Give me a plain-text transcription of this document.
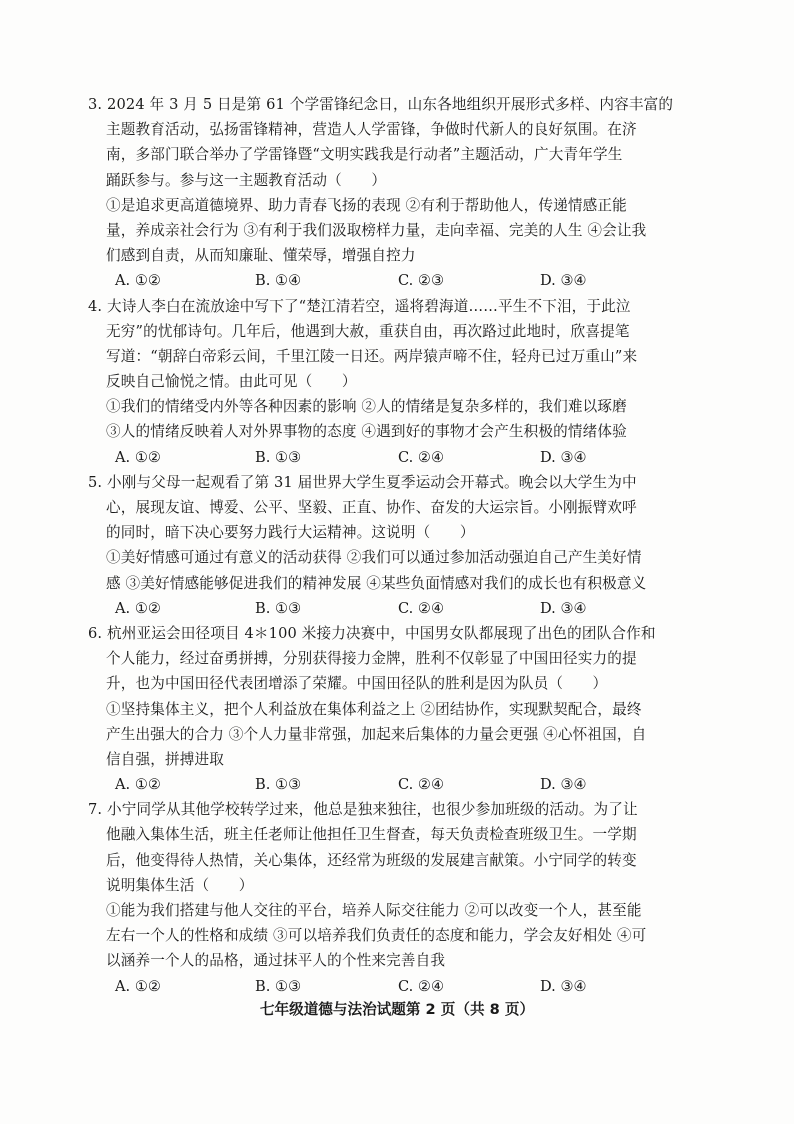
3. 2024 年 3 月 5 日是第 61 个学雷锋纪念日，山东各地组织开展形式多样、内容丰富的
主题教育活动，弘扬雷锋精神，营造人人学雷锋，争做时代新人的良好氛围。在济
南，多部门联合举办了学雷锋暨“文明实践我是行动者”主题活动，广大青年学生
踊跃参与。参与这一主题教育活动（　　）
①是追求更高道德境界、助力青春飞扬的表现 ②有利于帮助他人，传递情感正能
量，养成亲社会行为 ③有利于我们汲取榜样力量，走向幸福、完美的人生 ④会让我
们感到自责，从而知廉耻、懂荣辱，增强自控力
A. ①②	B. ①④	C. ②③	D. ③④
4. 大诗人李白在流放途中写下了“楚江清若空，遥将碧海道……平生不下泪，于此泣
无穷”的忧郁诗句。几年后，他遇到大赦，重获自由，再次路过此地时，欣喜提笔
写道：“朝辞白帝彩云间，千里江陵一日还。两岸猿声啼不住，轻舟已过万重山”来
反映自己愉悦之情。由此可见（　　）
①我们的情绪受内外等各种因素的影响 ②人的情绪是复杂多样的，我们难以琢磨
③人的情绪反映着人对外界事物的态度 ④遇到好的事物才会产生积极的情绪体验
A. ①②	B. ①③	C. ②④	D. ③④
5. 小刚与父母一起观看了第 31 届世界大学生夏季运动会开幕式。晚会以大学生为中
心，展现友谊、博爱、公平、坚毅、正直、协作、奋发的大运宗旨。小刚振臂欢呼
的同时，暗下决心要努力践行大运精神。这说明（　　）
①美好情感可通过有意义的活动获得 ②我们可以通过参加活动强迫自己产生美好情
感 ③美好情感能够促进我们的精神发展 ④某些负面情感对我们的成长也有积极意义
A. ①②	B. ①③	C. ②④	D. ③④
6. 杭州亚运会田径项目 4＊100 米接力决赛中，中国男女队都展现了出色的团队合作和
个人能力，经过奋勇拼搏，分别获得接力金牌，胜利不仅彰显了中国田径实力的提
升，也为中国田径代表团增添了荣耀。中国田径队的胜利是因为队员（　　）
①坚持集体主义，把个人利益放在集体利益之上 ②团结协作，实现默契配合，最终
产生出强大的合力 ③个人力量非常强，加起来后集体的力量会更强 ④心怀祖国，自
信自强，拼搏进取
A. ①②	B. ①③	C. ②④	D. ③④
7. 小宁同学从其他学校转学过来，他总是独来独往，也很少参加班级的活动。为了让
他融入集体生活，班主任老师让他担任卫生督查，每天负责检查班级卫生。一学期
后，他变得待人热情，关心集体，还经常为班级的发展建言献策。小宁同学的转变
说明集体生活（　　）
①能为我们搭建与他人交往的平台，培养人际交往能力 ②可以改变一个人，甚至能
左右一个人的性格和成绩 ③可以培养我们负责任的态度和能力，学会友好相处 ④可
以涵养一个人的品格，通过抹平人的个性来完善自我
A. ①②	B. ①③	C. ②④	D. ③④
七年级道德与法治试题第 2 页（共 8 页）
